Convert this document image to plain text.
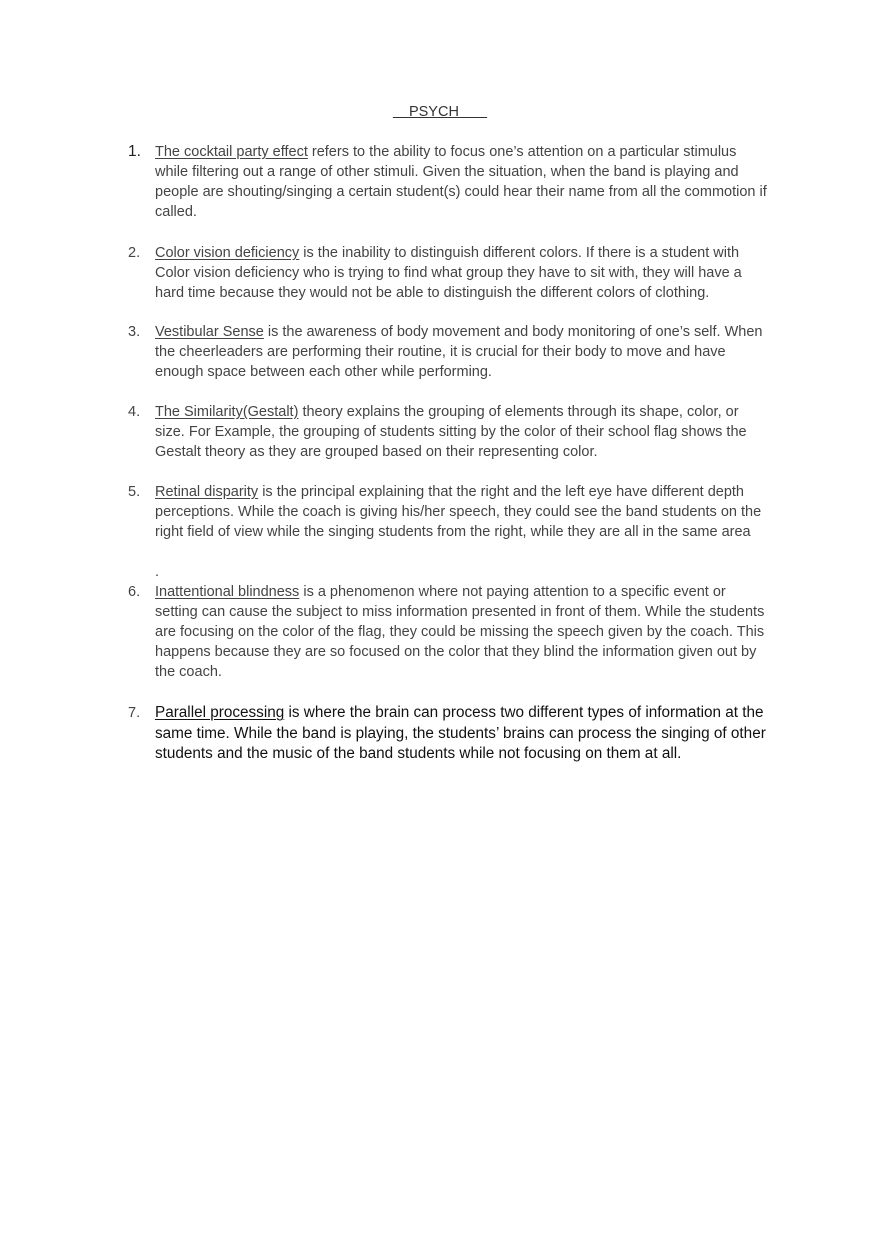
PSYCH
1. The cocktail party effect refers to the ability to focus one’s attention on a particular stimulus while filtering out a range of other stimuli. Given the situation, when the band is playing and people are shouting/singing a certain student(s) could hear their name from all the commotion if called.
2.	Color vision deficiency is the inability to distinguish different colors. If there is a student with Color vision deficiency who is trying to find what group they have to sit with, they will have a hard time because they would not be able to distinguish the different colors of clothing.
3.	Vestibular Sense is the awareness of body movement and body monitoring of one’s self. When the cheerleaders are performing their routine, it is crucial for their body to move and have enough space between each other while performing.
4.	The Similarity(Gestalt) theory explains the grouping of elements through its shape, color, or size. For Example, the grouping of students sitting by the color of their school flag shows the Gestalt theory as they are grouped based on their representing color.
5.	Retinal disparity is the principal explaining that the right and the left eye have different depth perceptions. While the coach is giving his/her speech, they could see the band students on the right field of view while the singing students from the right, while they are all in the same area
.
6.	Inattentional blindness is a phenomenon where not paying attention to a specific event or setting can cause the subject to miss information presented in front of them. While the students are focusing on the color of the flag, they could be missing the speech given by the coach. This happens because they are so focused on the color that they blind the information given out by the coach.
7. Parallel processing is where the brain can process two different types of information at the same time. While the band is playing, the students’ brains can process the singing of other students and the music of the band students while not focusing on them at all.
